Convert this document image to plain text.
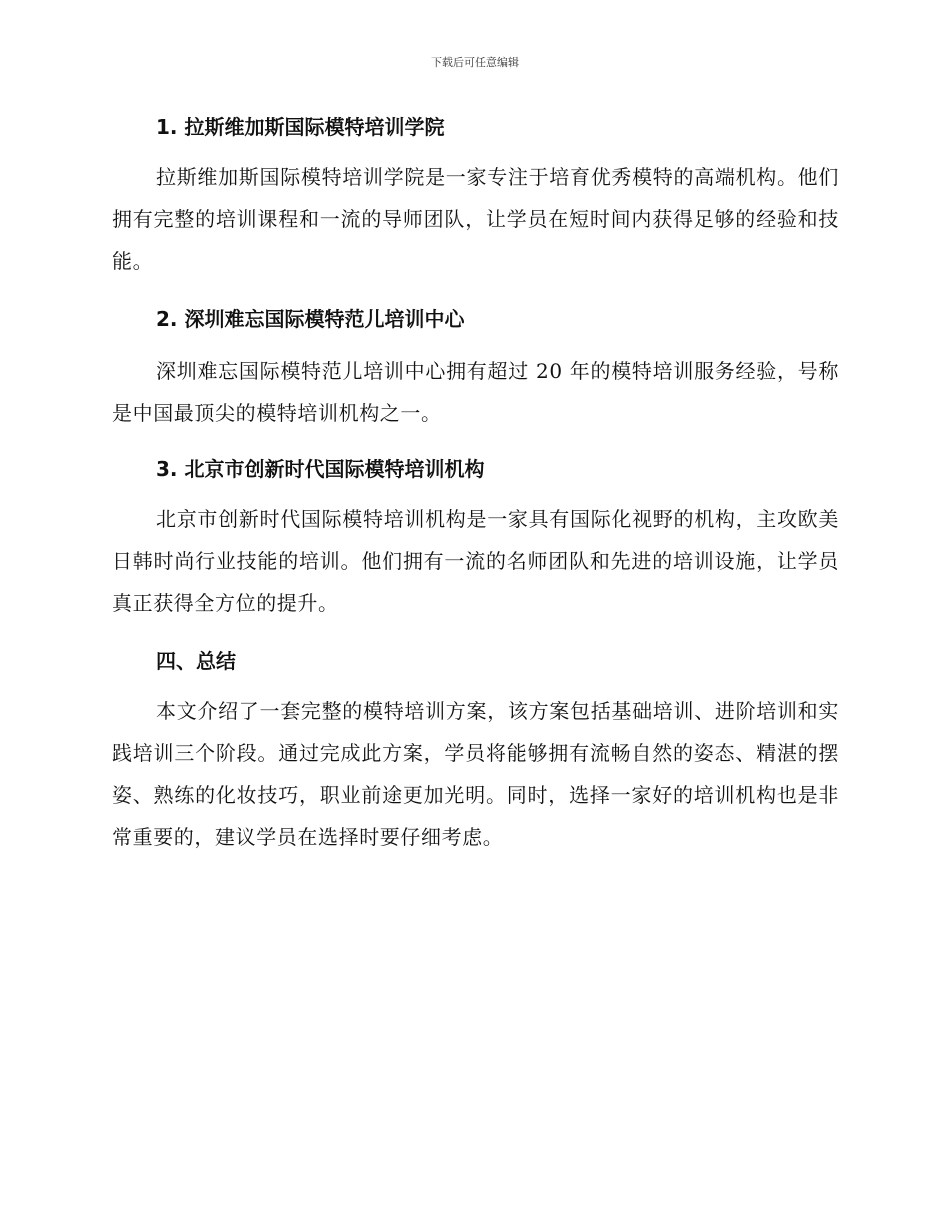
下载后可任意编辑
1. 拉斯维加斯国际模特培训学院

拉斯维加斯国际模特培训学院是一家专注于培育优秀模特的高端机构。他们拥有完整的培训课程和一流的导师团队，让学员在短时间内获得足够的经验和技能。

2. 深圳难忘国际模特范儿培训中心

深圳难忘国际模特范儿培训中心拥有超过 20 年的模特培训服务经验，号称是中国最顶尖的模特培训机构之一。

3. 北京市创新时代国际模特培训机构

北京市创新时代国际模特培训机构是一家具有国际化视野的机构，主攻欧美日韩时尚行业技能的培训。他们拥有一流的名师团队和先进的培训设施，让学员真正获得全方位的提升。

四、总结

本文介绍了一套完整的模特培训方案，该方案包括基础培训、进阶培训和实践培训三个阶段。通过完成此方案，学员将能够拥有流畅自然的姿态、精湛的摆姿、熟练的化妆技巧，职业前途更加光明。同时，选择一家好的培训机构也是非常重要的，建议学员在选择时要仔细考虑。
